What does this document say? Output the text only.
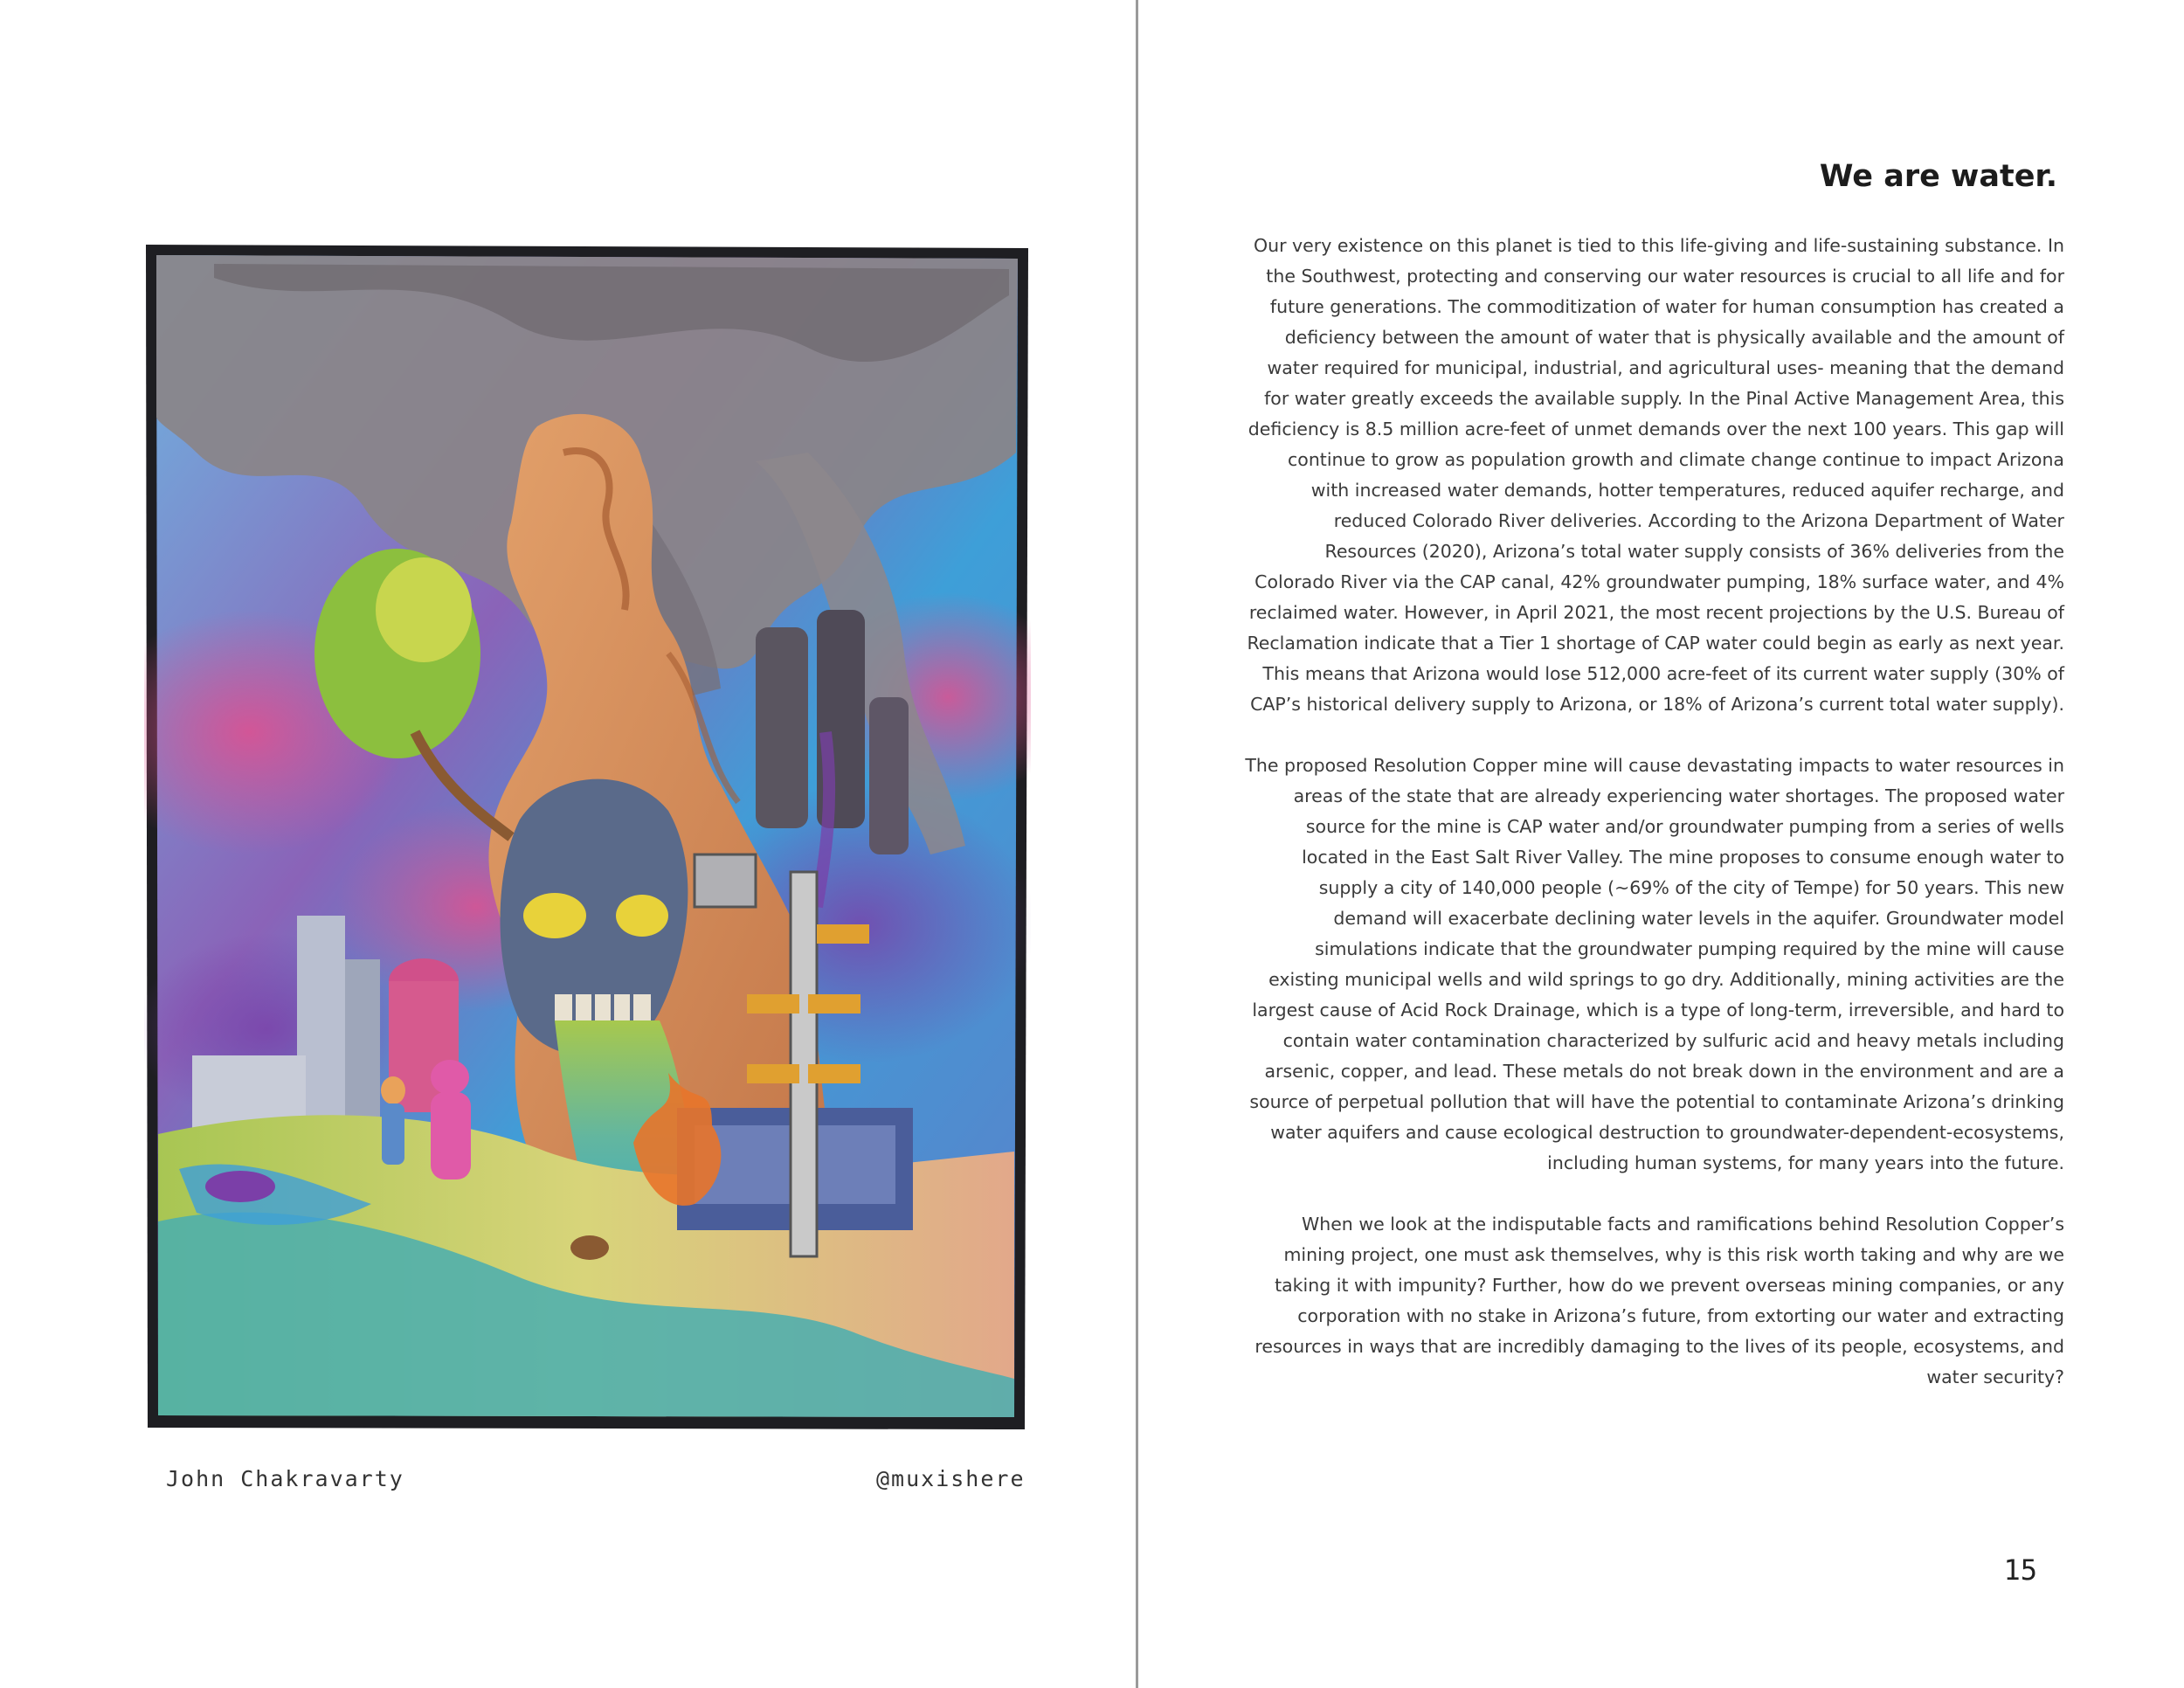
John Chakravarty	@muxishere
We are water.

Our very existence on this planet is tied to this life-giving and life-sustaining substance. In the Southwest, protecting and conserving our water resources is crucial to all life and for future generations. The commoditization of water for human consumption has created a deficiency between the amount of water that is physically available and the amount of water required for municipal, industrial, and agricultural uses- meaning that the demand for water greatly exceeds the available supply. In the Pinal Active Management Area, this deficiency is 8.5 million acre-feet of unmet demands over the next 100 years. This gap will continue to grow as population growth and climate change continue to impact Arizona with increased water demands, hotter temperatures, reduced aquifer recharge, and reduced Colorado River deliveries. According to the Arizona Department of Water Resources (2020), Arizona’s total water supply consists of 36% deliveries from the Colorado River via the CAP canal, 42% groundwater pumping, 18% surface water, and 4% reclaimed water. However, in April 2021, the most recent projections by the U.S. Bureau of Reclamation indicate that a Tier 1 shortage of CAP water could begin as early as next year. This means that Arizona would lose 512,000 acre-feet of its current water supply (30% of CAP’s historical delivery supply to Arizona, or 18% of Arizona’s current total water supply).

The proposed Resolution Copper mine will cause devastating impacts to water resources in areas of the state that are already experiencing water shortages. The proposed water source for the mine is CAP water and/or groundwater pumping from a series of wells located in the East Salt River Valley. The mine proposes to consume enough water to supply a city of 140,000 people (~69% of the city of Tempe) for 50 years. This new demand will exacerbate declining water levels in the aquifer. Groundwater model simulations indicate that the groundwater pumping required by the mine will cause existing municipal wells and wild springs to go dry. Additionally, mining activities are the largest cause of Acid Rock Drainage, which is a type of long-term, irreversible, and hard to contain water contamination characterized by sulfuric acid and heavy metals including arsenic, copper, and lead. These metals do not break down in the environment and are a source of perpetual pollution that will have the potential to contaminate Arizona’s drinking water aquifers and cause ecological destruction to groundwater-dependent-ecosystems, including human systems, for many years into the future.

When we look at the indisputable facts and ramifications behind Resolution Copper’s mining project, one must ask themselves, why is this risk worth taking and why are we taking it with impunity? Further, how do we prevent overseas mining companies, or any corporation with no stake in Arizona’s future, from extorting our water and extracting resources in ways that are incredibly damaging to the lives of its people, ecosystems, and water security?

15
